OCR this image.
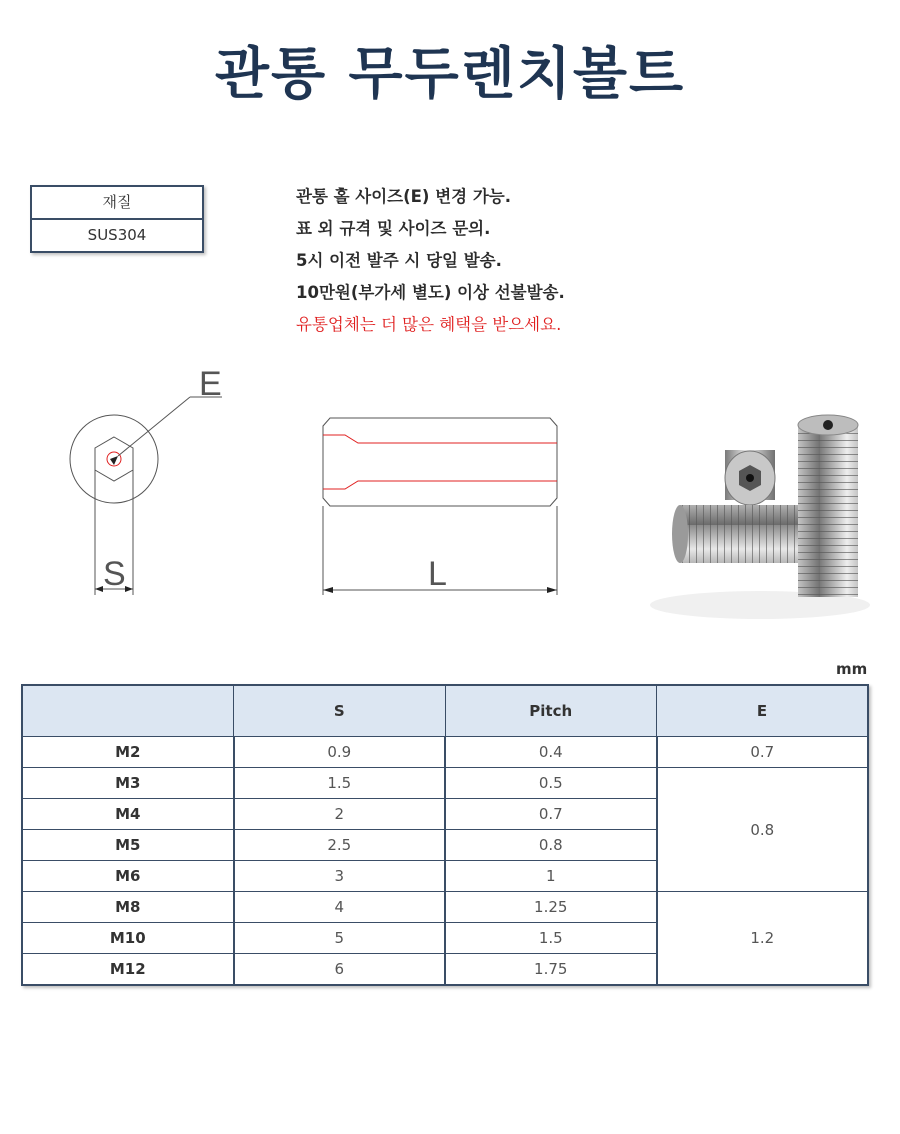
관통 무두렌치볼트
재질
SUS304
관통 홀 사이즈(E) 변경 가능.
표 외 규격 및 사이즈 문의.
5시 이전 발주 시 당일 발송.
10만원(부가세 별도) 이상 선불발송.
유통업체는 더 많은 혜택을 받으세요.
E
S	L
mm
	S	Pitch	E
M2	0.9	0.4	0.7
M3	1.5	0.5	0.8
M4	2	0.7	
M5	2.5	0.8	
M6	3	1	
M8	4	1.25	1.2
M10	5	1.5	
M12	6	1.75	
